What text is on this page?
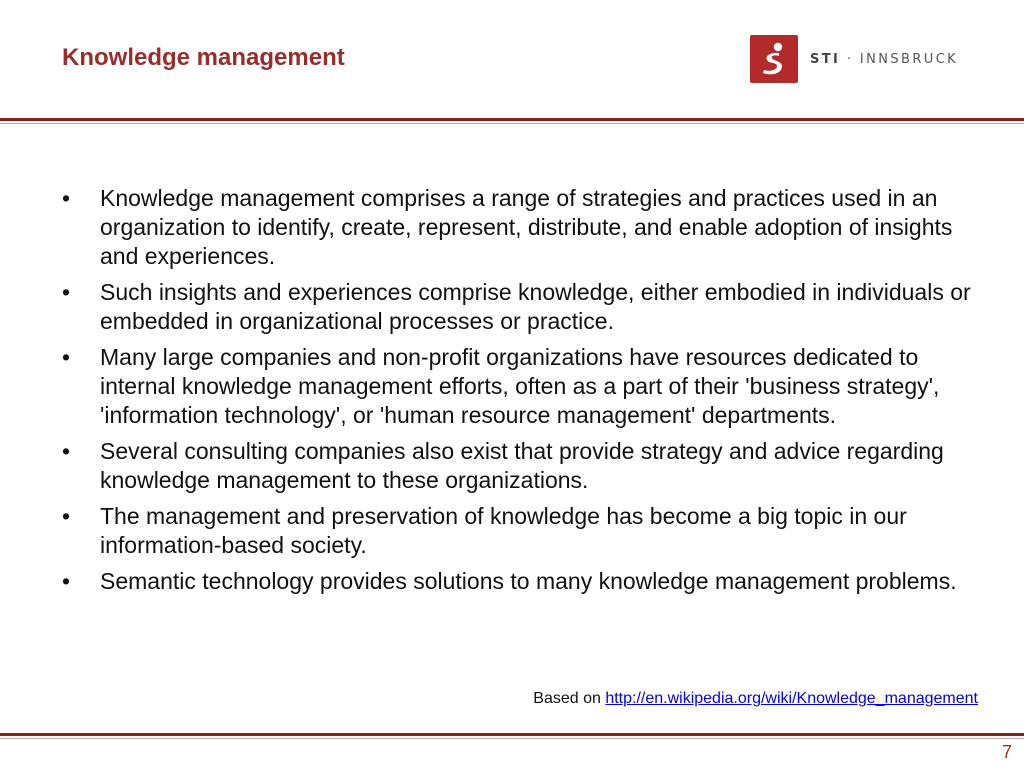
Knowledge management	STI · INNSBRUCK
•	Knowledge management comprises a range of strategies and practices used in an organization to identify, create, represent, distribute, and enable adoption of insights and experiences.
•	Such insights and experiences comprise knowledge, either embodied in individuals or embedded in organizational processes or practice.
•	Many large companies and non-profit organizations have resources dedicated to internal knowledge management efforts, often as a part of their 'business strategy', 'information technology', or 'human resource management' departments.
•	Several consulting companies also exist that provide strategy and advice regarding knowledge management to these organizations.
•	The management and preservation of knowledge has become a big topic in our information-based society.
•	Semantic technology provides solutions to many knowledge management problems.
Based on http://en.wikipedia.org/wiki/Knowledge_management
7
